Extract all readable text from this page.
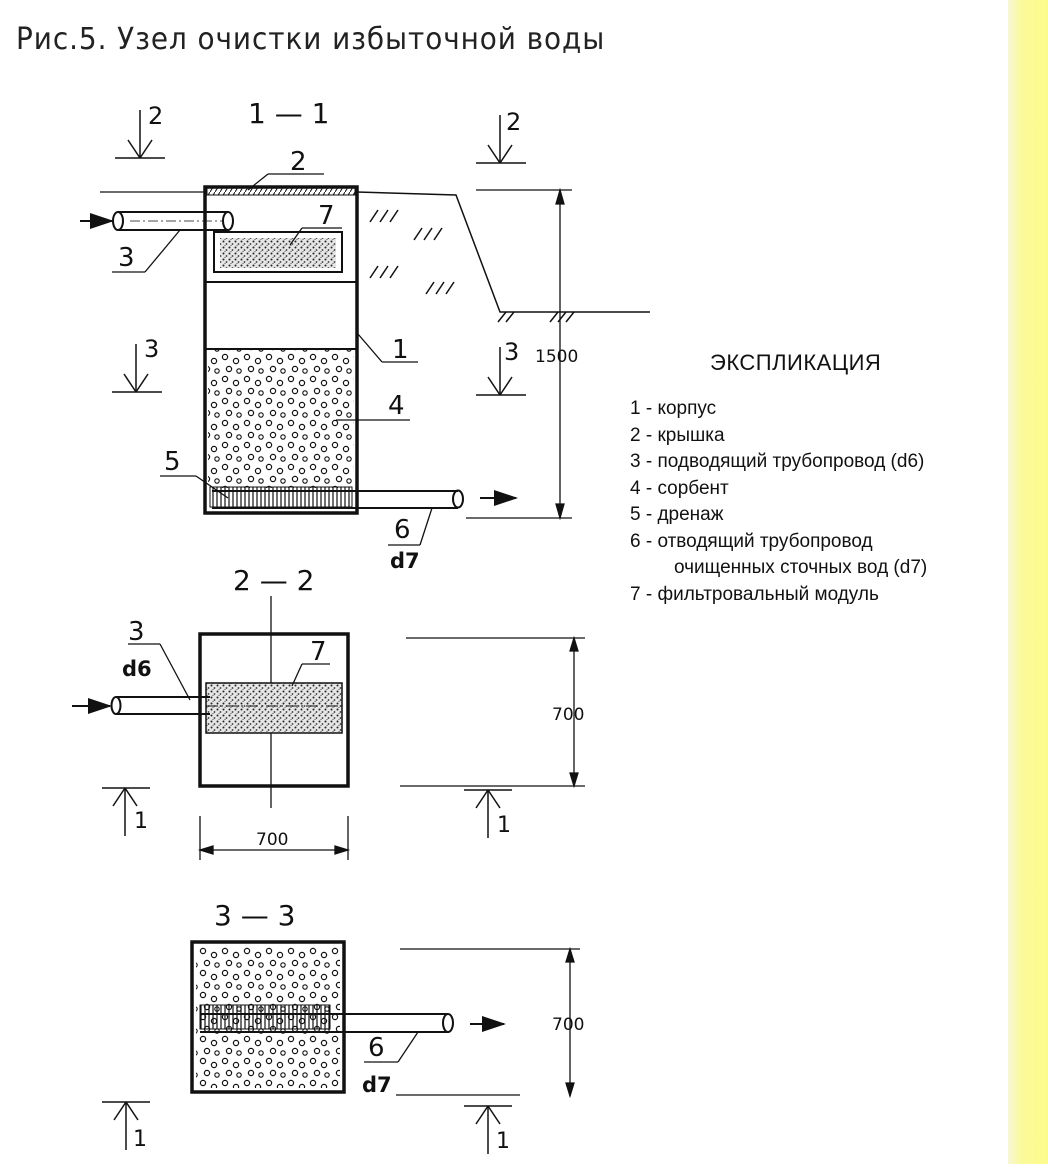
Рис.5. Узел очистки избыточной воды
1 — 1
2	2
3	3 1500
2
7
3
1
4
5
6
d7
2 — 2
3
d6
7
700
700
1	1
3 — 3
6
d7
700
1	1
ЭКСПЛИКАЦИЯ
1 - корпус
2 - крышка
3 - подводящий трубопровод (d6)
4 - сорбент
5 - дренаж
6 - отводящий трубопровод
очищенных сточных вод (d7)
7 - фильтровальный модуль
